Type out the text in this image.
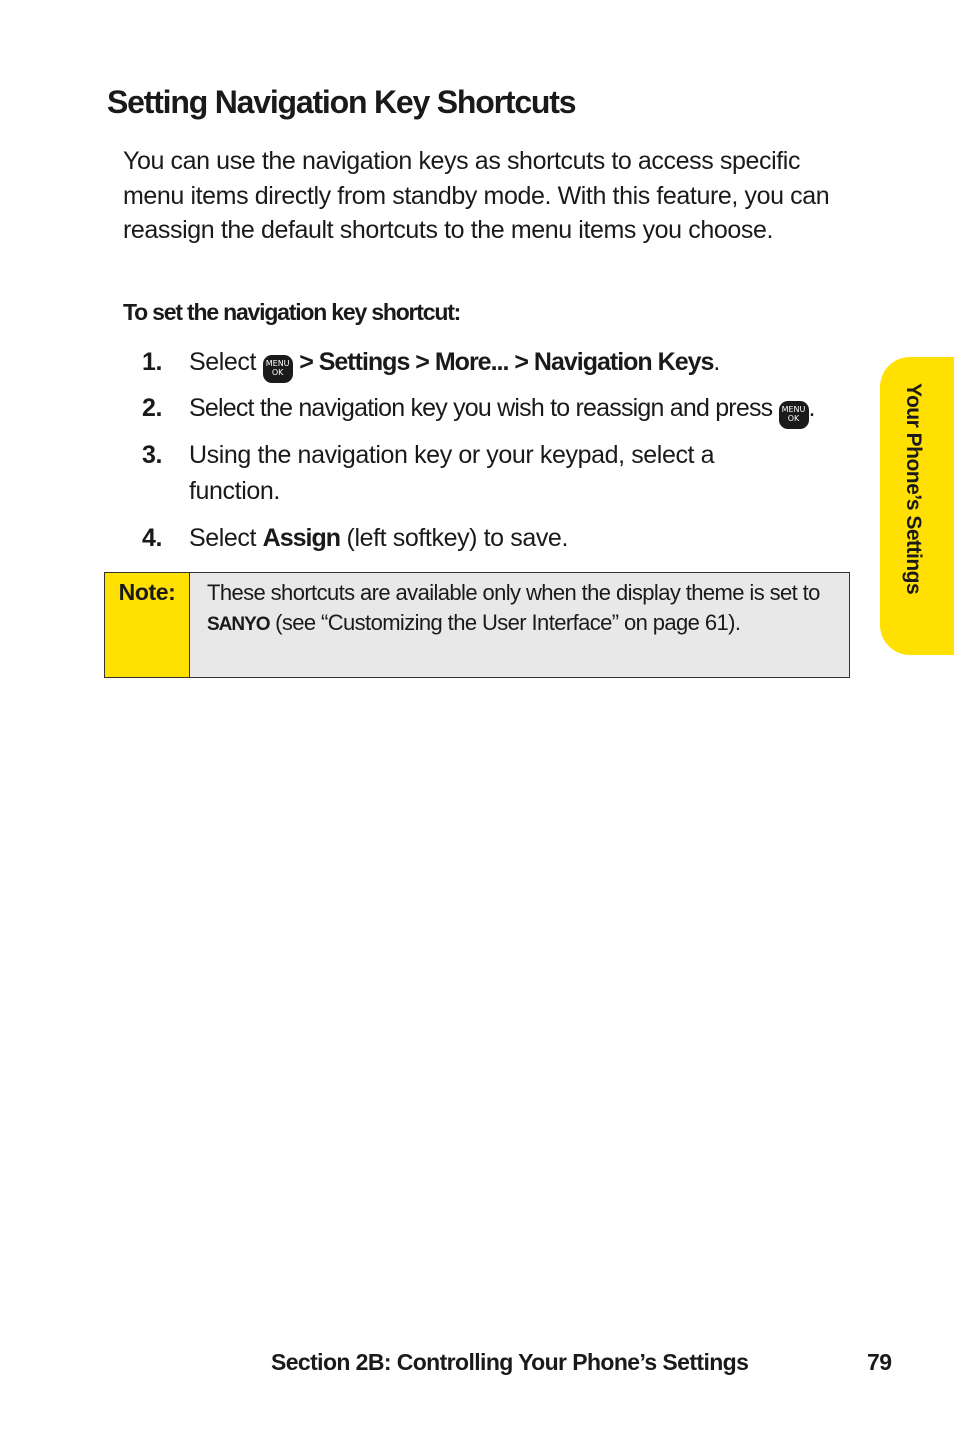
Setting Navigation Key Shortcuts

You can use the navigation keys as shortcuts to access specific menu items directly from standby mode. With this feature, you can reassign the default shortcuts to the menu items you choose.

To set the navigation key shortcut:
1. Select	MENU
OK > Settings > More... > Navigation Keys.
2. Select the navigation key you wish to reassign and press	MENU
OK .
3. Using the navigation key or your keypad, select a function.
4. Select Assign (left softkey) to save.
Note:	These shortcuts are available only when the display theme is set to SANYO (see “Customizing the User Interface” on page 61).
Your Phone’s Settings
Section 2B: Controlling Your Phone’s Settings	79
